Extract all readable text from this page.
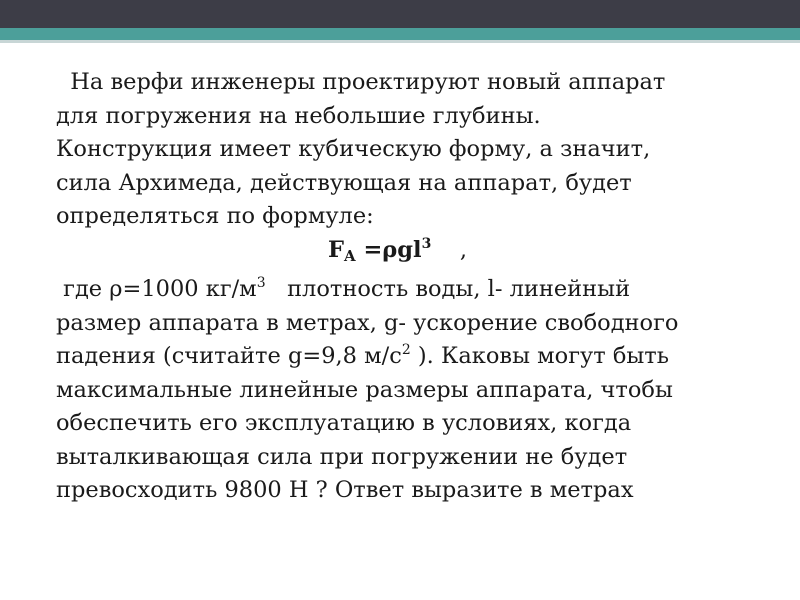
На верфи инженеры проектируют новый аппарат
для погружения на небольшие глубины.
Конструкция имеет кубическую форму, а значит,
сила Архимеда, действующая на аппарат, будет
определяться по формуле:
$F_A =\rho gl^3$    ,
где ρ=1000 $кг/м^3$   плотность воды, l- линейный
размер аппарата в метрах, g- ускорение свободного
падения (считайте g=9,8 $м/с^2$ ). Каковы могут быть
максимальные линейные размеры аппарата, чтобы
обеспечить его эксплуатацию в условиях, когда
выталкивающая сила при погружении не будет
превосходить 9800 Н ? Ответ выразите в метрах
